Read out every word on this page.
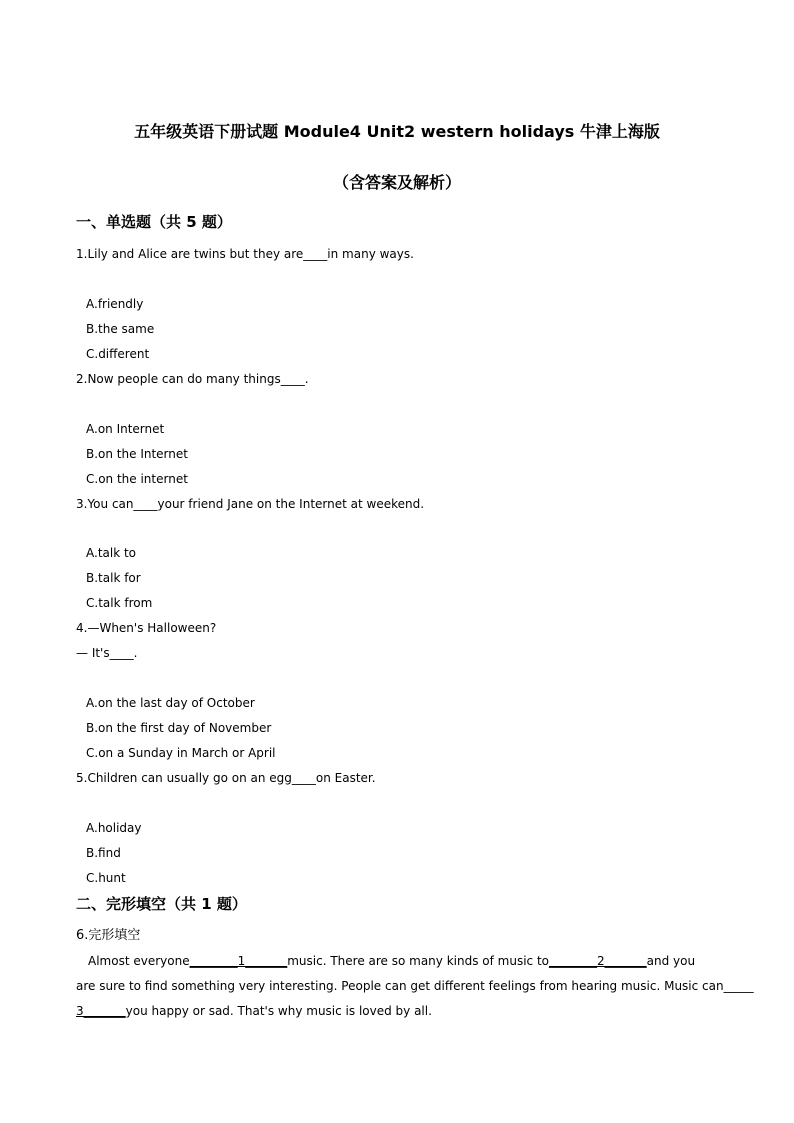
五年级英语下册试题 Module4 Unit2 western holidays 牛津上海版
（含答案及解析）
一、单选题（共 5 题）
1.Lily and Alice are twins but they are____in many ways.
A.friendly
B.the same
C.different
2.Now people can do many things____.
A.on Internet
B.on the Internet
C.on the internet
3.You can____your friend Jane on the Internet at weekend.
A.talk to
B.talk for
C.talk from
4.—When's Halloween?
— It's____.
A.on the last day of October
B.on the first day of November
C.on a Sunday in March or April
5.Children can usually go on an egg____on Easter.
A.holiday
B.find
C.hunt
二、完形填空（共 1 题）
6.完形填空
Almost everyone________1_______music. There are so many kinds of music to________2_______and you
are sure to find something very interesting. People can get different feelings from hearing music. Music can_____
3_______you happy or sad. That's why music is loved by all.
